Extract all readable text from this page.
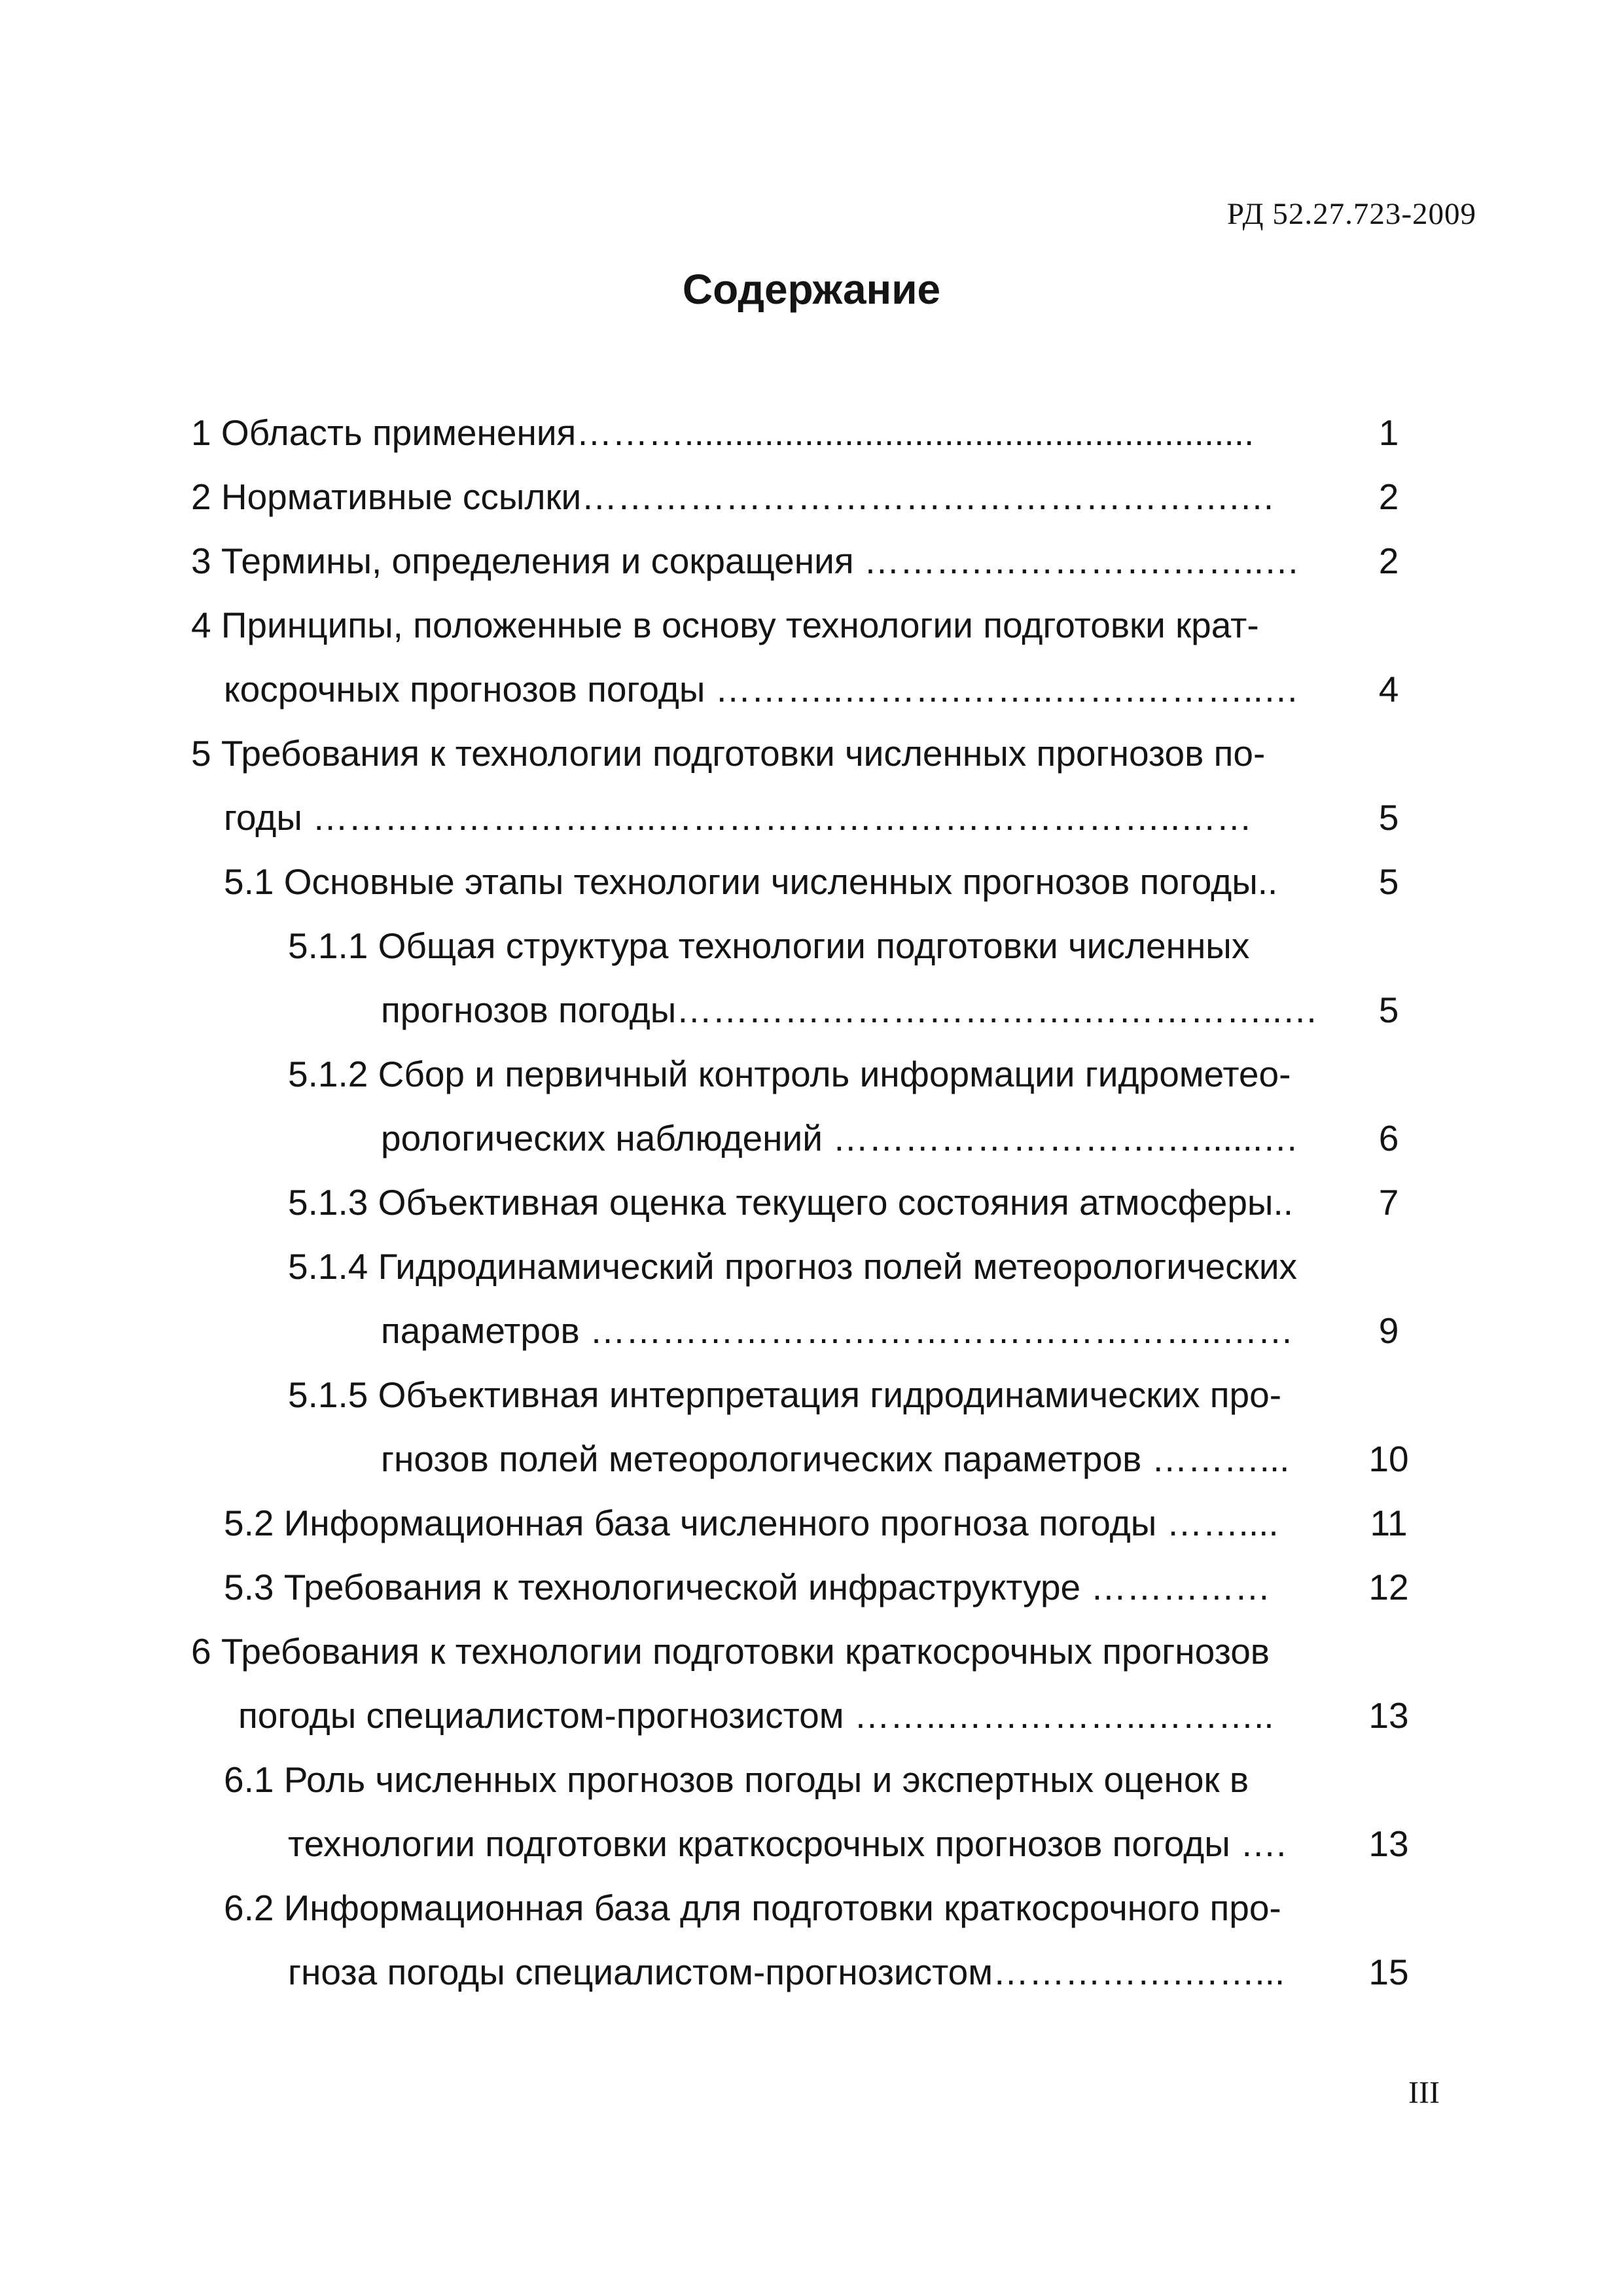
РД 52.27.723-2009
Содержание
1 Область применения……….........................................................	1
2 Нормативные ссылки……………………………………………….…	2
3 Термины, определения и сокращения ……….…………….……..…	2
4 Принципы, положенные в основу технологии подготовки крат-
косрочных прогнозов погоды ………..……….……..…….………..…	4
5 Требования к технологии подготовки численных прогнозов по-
годы ………………………..……………………………………..……	5
5.1 Основные этапы технологии численных прогнозов погоды..	5
5.1.1 Общая структура технологии подготовки численных
прогнозов погоды…………………………….……………..…	5
5.1.2 Сбор и первичный контроль информации гидрометео-
рологических наблюдений ……………………….…......…	6
5.1.3 Объективная оценка текущего состояния атмосферы..	7
5.1.4 Гидродинамический прогноз полей метеорологических
параметров ……………………………………………..……	9
5.1.5 Объективная интерпретация гидродинамических про-
гнозов полей метеорологических параметров ………...	10
5.2 Информационная база численного прогноза погоды ……....	11
5.3 Требования к технологической инфраструктуре ……………	12
6 Требования к технологии подготовки краткосрочных прогнозов
погоды специалистом-прогнозистом ……..……………..………..	13
6.1 Роль численных прогнозов погоды и экспертных оценок в
технологии подготовки краткосрочных прогнозов погоды ….	13
6.2 Информационная база для подготовки краткосрочного про-
гноза погоды специалистом-прогнозистом…………….……...	15
III
